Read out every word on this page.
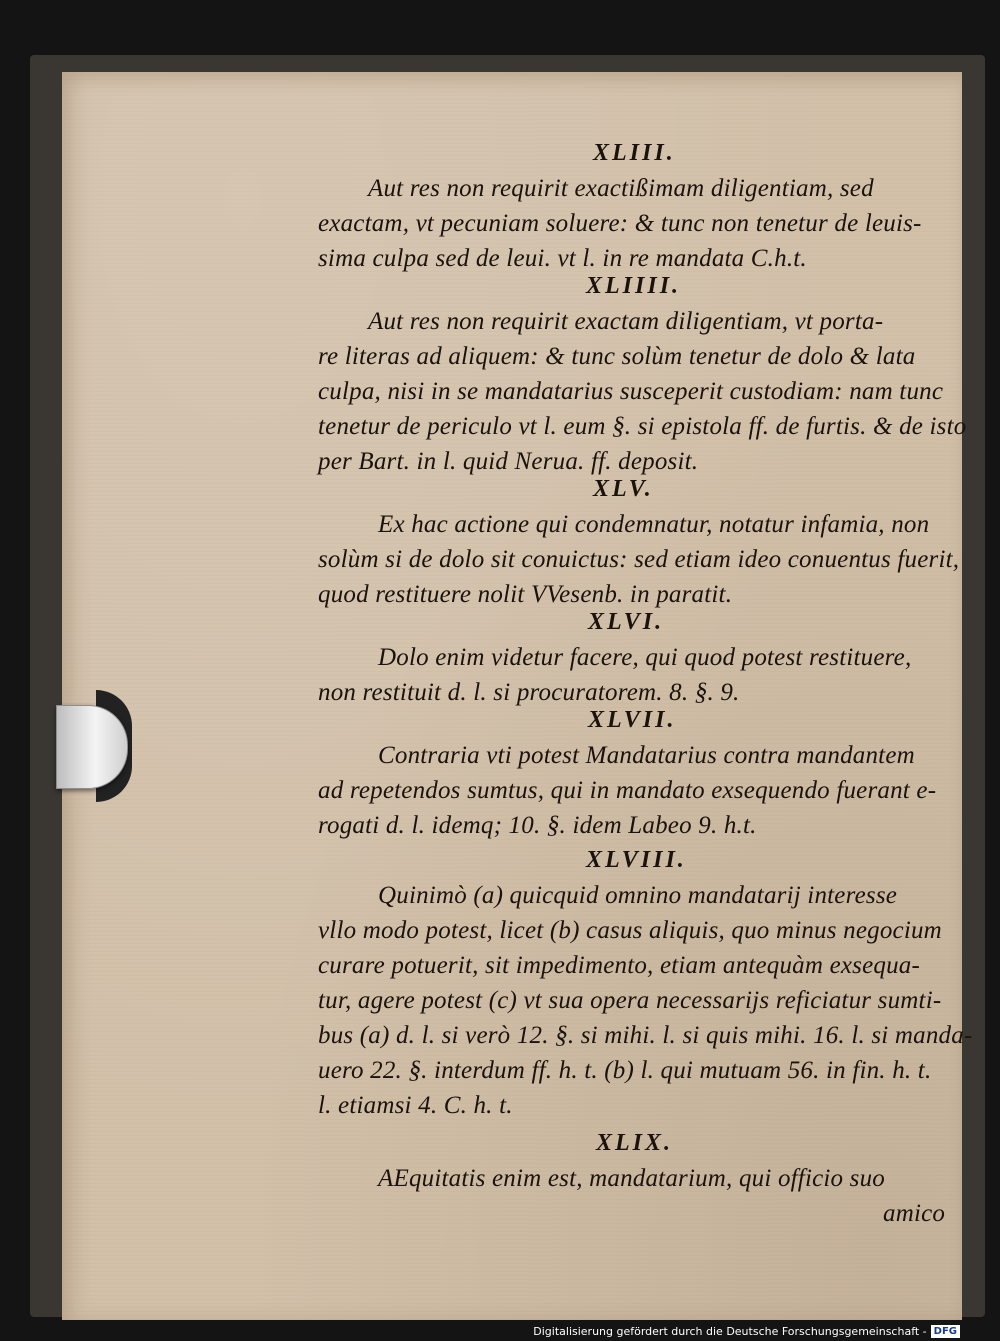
XLIII.
Aut res non requirit exactißimam diligentiam, sed
exactam, vt pecuniam soluere: & tunc non tenetur de leuis-
sima culpa sed de leui. vt l. in re mandata C.h.t.
XLIIII.
Aut res non requirit exactam diligentiam, vt porta-
re literas ad aliquem: & tunc solùm tenetur de dolo & lata
culpa, nisi in se mandatarius susceperit custodiam: nam tunc
tenetur de periculo vt l. eum §. si epistola ff. de furtis. & de isto
per Bart. in l. quid Nerua. ff. deposit.
XLV.
Ex hac actione qui condemnatur, notatur infamia, non
solùm si de dolo sit conuictus: sed etiam ideo conuentus fuerit,
quod restituere nolit VVesenb. in paratit.
XLVI.
Dolo enim videtur facere, qui quod potest restituere,
non restituit d. l. si procuratorem. 8. §. 9.
XLVII.
Contraria vti potest Mandatarius contra mandantem
ad repetendos sumtus, qui in mandato exsequendo fuerant e-
rogati d. l. idemq; 10. §. idem Labeo 9. h.t.
XLVIII.
Quinimò (a) quicquid omnino mandatarij interesse
vllo modo potest, licet (b) casus aliquis, quo minus negocium
curare potuerit, sit impedimento, etiam antequàm exsequa-
tur, agere potest (c) vt sua opera necessarijs reficiatur sumti-
bus (a) d. l. si verò 12. §. si mihi. l. si quis mihi. 16. l. si manda-
uero 22. §. interdum ff. h. t. (b) l. qui mutuam 56. in fin. h. t.
l. etiamsi 4. C. h. t.
XLIX.
AEquitatis enim est, mandatarium, qui officio suo
amico
Digitalisierung gefördert durch die Deutsche Forschungsgemeinschaft - DFG
